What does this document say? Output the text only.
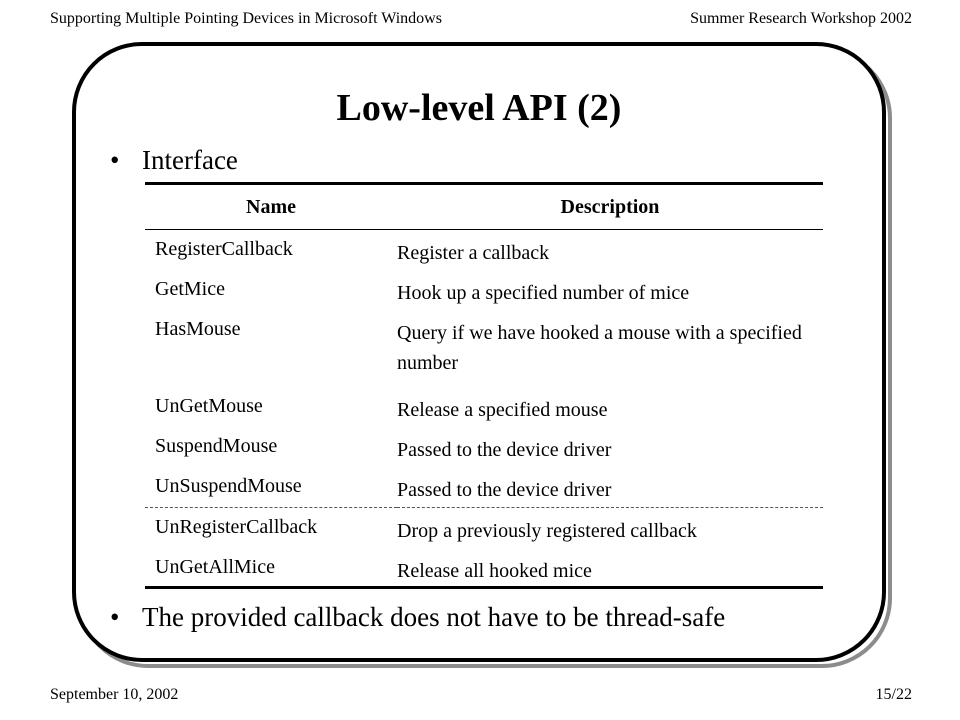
Supporting Multiple Pointing Devices in Microsoft Windows	Summer Research Workshop 2002
Low-level API (2)
• Interface

Name	Description

RegisterCallback	Register a callback
GetMice	Hook up a specified number of mice
HasMouse	Query if we have hooked a mouse with a specified number
UnGetMouse	Release a specified mouse
SuspendMouse	Passed to the device driver
UnSuspendMouse	Passed to the device driver

UnRegisterCallback	Drop a previously registered callback
UnGetAllMice	Release all hooked mice

• The provided callback does not have to be thread-safe
September 10, 2002	15/22
